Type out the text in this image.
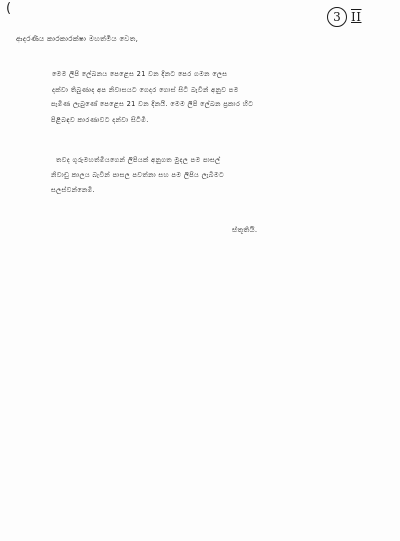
(
3 II
ආදරණීය කාරකාරක්ෂා මහත්මිය වෙත,
මෙම ලිපි ලේඛනය පෙළෙස 21 වන දිනට පෙර ගමන ලෙස
දක්වා තිබුණාද අප නිවාසයට ගෙදර ගොස් සිටි බැවින් අනුව පම
පැමිණ ලැබුණේ පෙළෙස 21 වන දිනයි. මෙම ලිපි ලේඛන ප්‍රකාර හිට
පිළිබඳව කාරණාවට දන්වා සිටිමි.
තවද ගුරුමහත්මියගෙන් ලිපියක් අනුගත මුදල පම පාසල්
නිවාඩු කාලය බැවින් පාසල පවත්නා සහ පම ලිපිය ලැබීමට
සලස්වන්නෙමි.
ස්තූතියි.
